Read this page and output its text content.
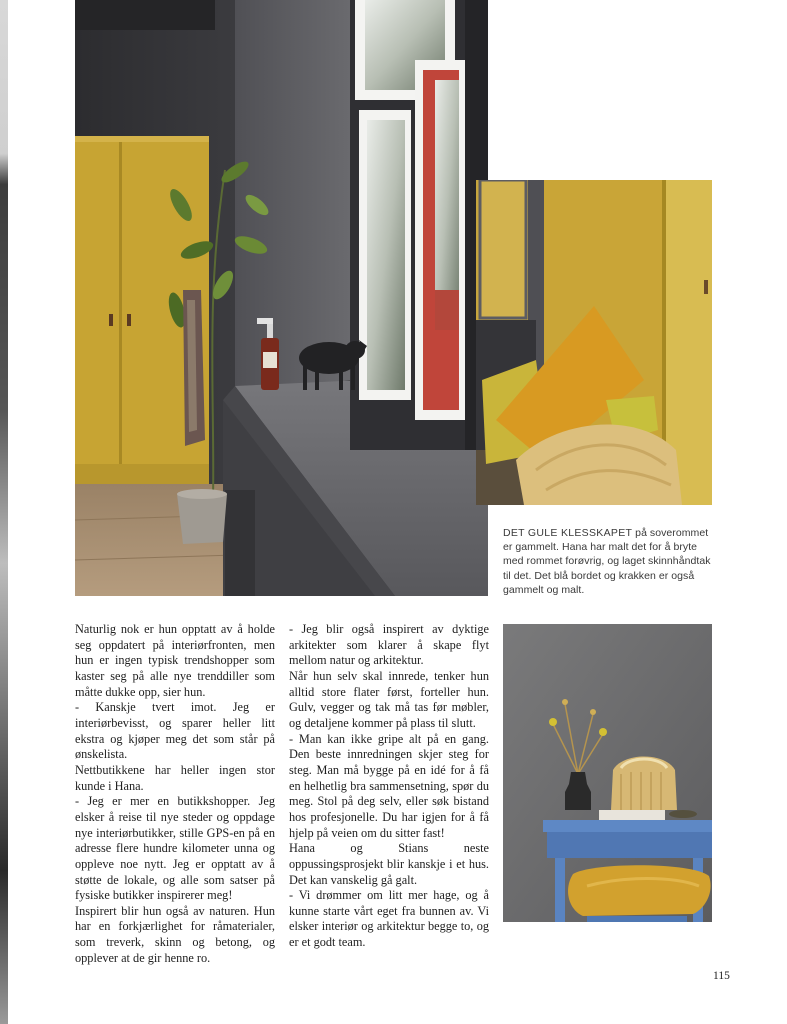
DET GULE KLESSKAPET på soverommet er gammelt. Hana har malt det for å bryte med rommet forøvrig, og laget skinnhåndtak til det. Det blå bordet og krakken er også gammelt og malt.

Naturlig nok er hun opptatt av å holde seg oppdatert på interiørfronten, men hun er ingen typisk trendshopper som kaster seg på alle nye trenddiller som måtte dukke opp, sier hun.

- Kanskje tvert imot. Jeg er interiørbevisst, og sparer heller litt ekstra og kjøper meg det som står på ønskelista.

Nettbutikkene har heller ingen stor kunde i Hana.

- Jeg er mer en butikkshopper. Jeg elsker å reise til nye steder og oppdage nye interiørbutikker, stille GPS-en på en adresse flere hundre kilometer unna og oppleve noe nytt. Jeg er opptatt av å støtte de lokale, og alle som satser på fysiske butikker inspirerer meg!

Inspirert blir hun også av naturen. Hun har en forkjærlighet for råmaterialer, som treverk, skinn og betong, og opplever at de gir henne ro.

- Jeg blir også inspirert av dyktige arkitekter som klarer å skape flyt mellom natur og arkitektur.

Når hun selv skal innrede, tenker hun alltid store flater først, forteller hun. Gulv, vegger og tak må tas før møbler, og detaljene kommer på plass til slutt.

- Man kan ikke gripe alt på en gang. Den beste innredningen skjer steg for steg. Man må bygge på en idé for å få en helhetlig bra sammensetning, spør du meg. Stol på deg selv, eller søk bistand hos profesjonelle. Du har igjen for å få hjelp på veien om du sitter fast!

Hana og Stians neste oppussingsprosjekt blir kanskje i et hus. Det kan vanskelig gå galt.

- Vi drømmer om litt mer hage, og å kunne starte vårt eget fra bunnen av. Vi elsker interiør og arkitektur begge to, og er et godt team.

115
